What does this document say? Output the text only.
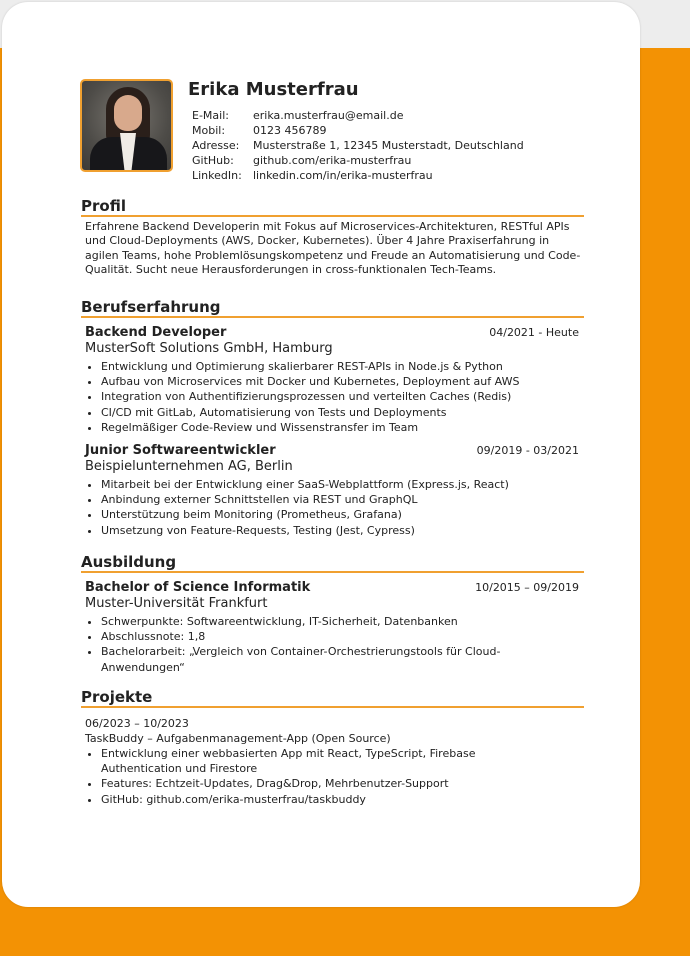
Erika Musterfrau
E-Mail:	erika.musterfrau@email.de
Mobil:	0123 456789
Adresse:	Musterstraße 1, 12345 Musterstadt, Deutschland
GitHub:	github.com/erika-musterfrau
LinkedIn:	linkedin.com/in/erika-musterfrau
Profil
Erfahrene Backend Developerin mit Fokus auf Microservices-Architekturen, RESTful APIs und Cloud-Deployments (AWS, Docker, Kubernetes). Über 4 Jahre Praxiserfahrung in agilen Teams, hohe Problemlösungskompetenz und Freude an Automatisierung und Code-Qualität. Sucht neue Herausforderungen in cross-funktionalen Tech-Teams.
Berufserfahrung
Backend Developer	04/2021 - Heute
MusterSoft Solutions GmbH, Hamburg
• Entwicklung und Optimierung skalierbarer REST-APIs in Node.js & Python
• Aufbau von Microservices mit Docker und Kubernetes, Deployment auf AWS
• Integration von Authentifizierungsprozessen und verteilten Caches (Redis)
• CI/CD mit GitLab, Automatisierung von Tests und Deployments
• Regelmäßiger Code-Review und Wissenstransfer im Team
Junior Softwareentwickler	09/2019 - 03/2021
Beispielunternehmen AG, Berlin
• Mitarbeit bei der Entwicklung einer SaaS-Webplattform (Express.js, React)
• Anbindung externer Schnittstellen via REST und GraphQL
• Unterstützung beim Monitoring (Prometheus, Grafana)
• Umsetzung von Feature-Requests, Testing (Jest, Cypress)
Ausbildung
Bachelor of Science Informatik	10/2015 – 09/2019
Muster-Universität Frankfurt
• Schwerpunkte: Softwareentwicklung, IT-Sicherheit, Datenbanken
• Abschlussnote: 1,8
• Bachelorarbeit: „Vergleich von Container-Orchestrierungstools für Cloud-Anwendungen“
Projekte
06/2023 – 10/2023
TaskBuddy – Aufgabenmanagement-App (Open Source)
• Entwicklung einer webbasierten App mit React, TypeScript, Firebase Authentication und Firestore
• Features: Echtzeit-Updates, Drag&Drop, Mehrbenutzer-Support
• GitHub: github.com/erika-musterfrau/taskbuddy
